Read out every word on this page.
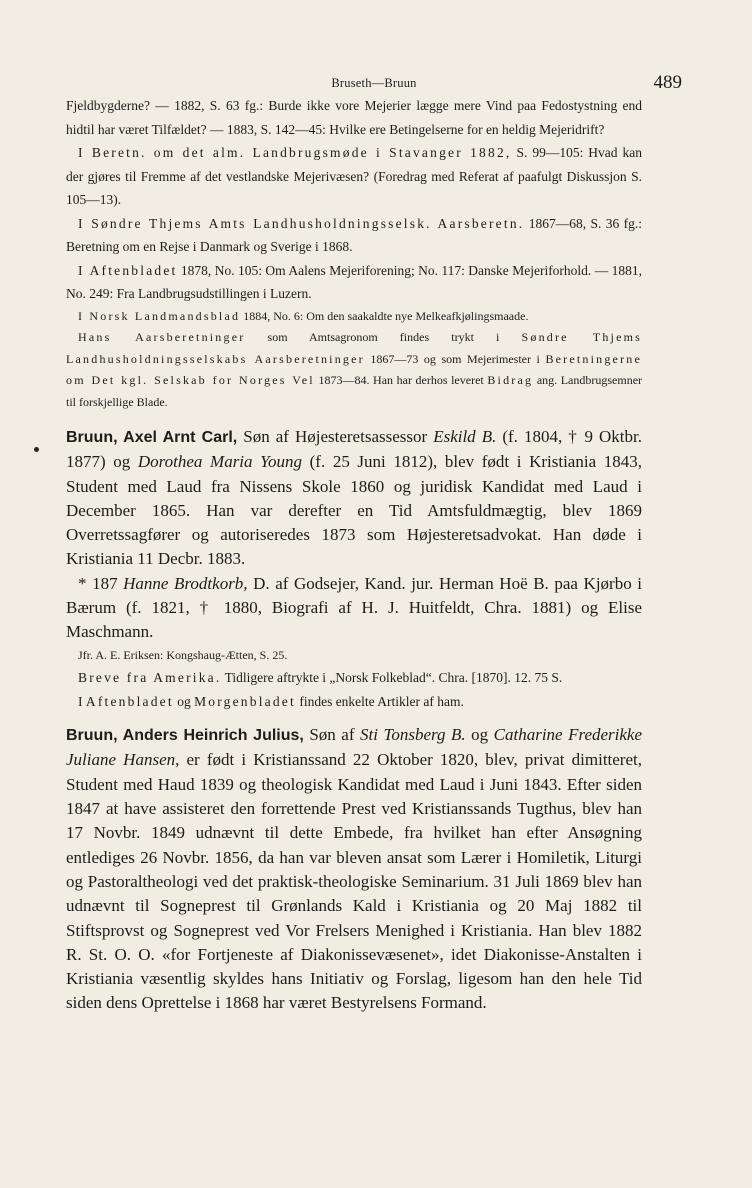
Bruseth—Bruun	489

Fjeldbygderne? — 1882, S. 63 fg.: Burde ikke vore Mejerier lægge mere Vind paa Fedostystning end hidtil har været Tilfældet? — 1883, S. 142—45: Hvilke ere Betingelserne for en heldig Mejeridrift?

I Beretn. om det alm. Landbrugsmøde i Stavanger 1882, S. 99—105: Hvad kan der gjøres til Fremme af det vestlandske Mejerivæsen? (Foredrag med Referat af paafulgt Diskussjon S. 105—13).

I Søndre Thjems Amts Landhusholdningsselsk. Aarsberetn. 1867—68, S. 36 fg.: Beretning om en Rejse i Danmark og Sverige i 1868.

I Aftenbladet 1878, No. 105: Om Aalens Mejeriforening; No. 117: Danske Mejeriforhold. — 1881, No. 249: Fra Landbrugsudstillingen i Luzern.

I Norsk Landmandsblad 1884, No. 6: Om den saakaldte nye Melkeafkjølingsmaade.

Hans Aarsberetninger som Amtsagronom findes trykt i Søndre Thjems Landhusholdningsselskabs Aarsberetninger 1867—73 og som Mejerimester i Beretningerne om Det kgl. Selskab for Norges Vel 1873—84. Han har derhos leveret Bidrag ang. Landbrugsemner til forskjellige Blade.

Bruun, Axel Arnt Carl, Søn af Højesteretsassessor Eskild B. (f. 1804, † 9 Oktbr. 1877) og Dorothea Maria Young (f. 25 Juni 1812), blev født i Kristiania 1843, Student med Laud fra Nissens Skole 1860 og juridisk Kandidat med Laud i December 1865. Han var derefter en Tid Amtsfuldmægtig, blev 1869 Overretssagfører og autoriseredes 1873 som Højesteretsadvokat. Han døde i Kristiania 11 Decbr. 1883.

* 187 Hanne Brodtkorb, D. af Godsejer, Kand. jur. Herman Hoë B. paa Kjørbo i Bærum (f. 1821, † 1880, Biografi af H. J. Huitfeldt, Chra. 1881) og Elise Maschmann.

Jfr. A. E. Eriksen: Kongshaug-Ætten, S. 25.

Breve fra Amerika. Tidligere aftrykte i „Norsk Folkeblad“. Chra. [1870]. 12. 75 S.

I Aftenbladet og Morgenbladet findes enkelte Artikler af ham.

Bruun, Anders Heinrich Julius, Søn af Sti Tonsberg B. og Catharine Frederikke Juliane Hansen, er født i Kristianssand 22 Oktober 1820, blev, privat dimitteret, Student med Haud 1839 og theologisk Kandidat med Laud i Juni 1843. Efter siden 1847 at have assisteret den forrettende Prest ved Kristianssands Tugthus, blev han 17 Novbr. 1849 udnævnt til dette Embede, fra hvilket han efter Ansøgning entlediges 26 Novbr. 1856, da han var bleven ansat som Lærer i Homiletik, Liturgi og Pastoraltheologi ved det praktisk-theologiske Seminarium. 31 Juli 1869 blev han udnævnt til Sogneprest til Grønlands Kald i Kristiania og 20 Maj 1882 til Stiftsprovst og Sogneprest ved Vor Frelsers Menighed i Kristiania. Han blev 1882 R. St. O. O. «for Fortjeneste af Diakonissevæsenet», idet Diakonisse-Anstalten i Kristiania væsentlig skyldes hans Initiativ og Forslag, ligesom han den hele Tid siden dens Oprettelse i 1868 har været Bestyrelsens Formand.
